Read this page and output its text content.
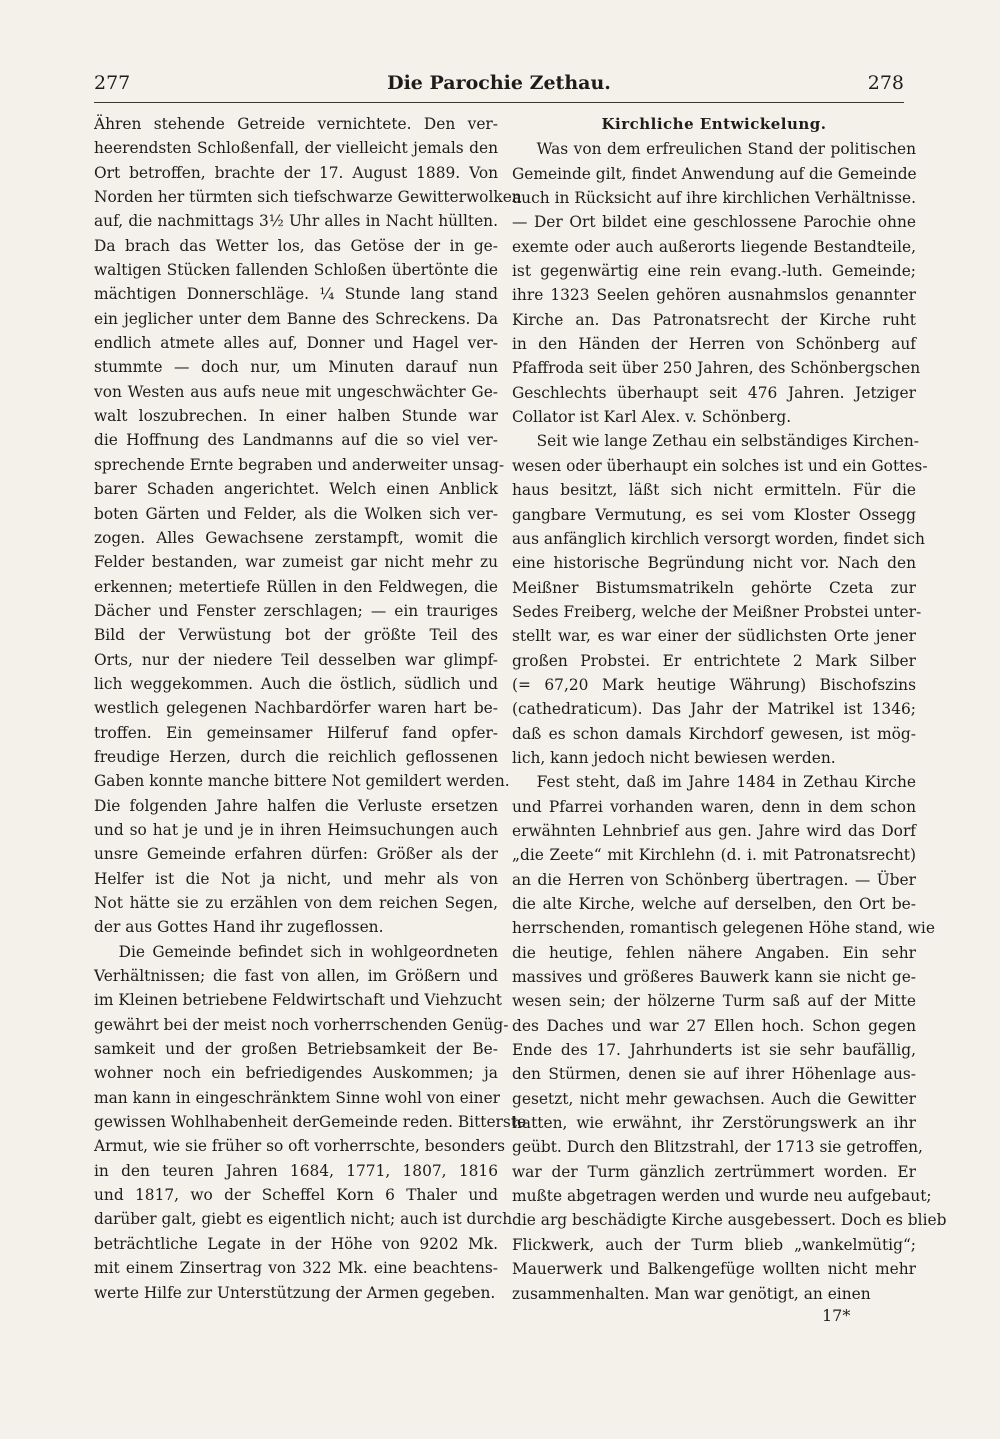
277	Die Parochie Zethau.	278

Ähren stehende Getreide vernichtete. Den ver-
heerendsten Schloßenfall, der vielleicht jemals den
Ort betroffen, brachte der 17. August 1889. Von
Norden her türmten sich tiefschwarze Gewitterwolken
auf, die nachmittags 3½ Uhr alles in Nacht hüllten.
Da brach das Wetter los, das Getöse der in ge-
waltigen Stücken fallenden Schloßen übertönte die
mächtigen Donnerschläge. ¼ Stunde lang stand
ein jeglicher unter dem Banne des Schreckens. Da
endlich atmete alles auf, Donner und Hagel ver-
stummte — doch nur, um Minuten darauf nun
von Westen aus aufs neue mit ungeschwächter Ge-
walt loszubrechen. In einer halben Stunde war
die Hoffnung des Landmanns auf die so viel ver-
sprechende Ernte begraben und anderweiter unsag-
barer Schaden angerichtet. Welch einen Anblick
boten Gärten und Felder, als die Wolken sich ver-
zogen. Alles Gewachsene zerstampft, womit die
Felder bestanden, war zumeist gar nicht mehr zu
erkennen; metertiefe Rüllen in den Feldwegen, die
Dächer und Fenster zerschlagen; — ein trauriges
Bild der Verwüstung bot der größte Teil des
Orts, nur der niedere Teil desselben war glimpf-
lich weggekommen. Auch die östlich, südlich und
westlich gelegenen Nachbardörfer waren hart be-
troffen. Ein gemeinsamer Hilferuf fand opfer-
freudige Herzen, durch die reichlich geflossenen
Gaben konnte manche bittere Not gemildert werden.
Die folgenden Jahre halfen die Verluste ersetzen
und so hat je und je in ihren Heimsuchungen auch
unsre Gemeinde erfahren dürfen: Größer als der
Helfer ist die Not ja nicht, und mehr als von
Not hätte sie zu erzählen von dem reichen Segen,
der aus Gottes Hand ihr zugeflossen.

Die Gemeinde befindet sich in wohlgeordneten
Verhältnissen; die fast von allen, im Größern und
im Kleinen betriebene Feldwirtschaft und Viehzucht
gewährt bei der meist noch vorherrschenden Genüg-
samkeit und der großen Betriebsamkeit der Be-
wohner noch ein befriedigendes Auskommen; ja
man kann in eingeschränktem Sinne wohl von einer
gewissen Wohlhabenheit derGemeinde reden. Bitterste
Armut, wie sie früher so oft vorherrschte, besonders
in den teuren Jahren 1684, 1771, 1807, 1816
und 1817, wo der Scheffel Korn 6 Thaler und
darüber galt, giebt es eigentlich nicht; auch ist durch
beträchtliche Legate in der Höhe von 9202 Mk.
mit einem Zinsertrag von 322 Mk. eine beachtens-
werte Hilfe zur Unterstützung der Armen gegeben.

Kirchliche Entwickelung.

Was von dem erfreulichen Stand der politischen
Gemeinde gilt, findet Anwendung auf die Gemeinde
auch in Rücksicht auf ihre kirchlichen Verhältnisse.
— Der Ort bildet eine geschlossene Parochie ohne
exemte oder auch außerorts liegende Bestandteile,
ist gegenwärtig eine rein evang.-luth. Gemeinde;
ihre 1323 Seelen gehören ausnahmslos genannter
Kirche an. Das Patronatsrecht der Kirche ruht
in den Händen der Herren von Schönberg auf
Pfaffroda seit über 250 Jahren, des Schönbergschen
Geschlechts überhaupt seit 476 Jahren. Jetziger
Collator ist Karl Alex. v. Schönberg.

Seit wie lange Zethau ein selbständiges Kirchen-
wesen oder überhaupt ein solches ist und ein Gottes-
haus besitzt, läßt sich nicht ermitteln. Für die
gangbare Vermutung, es sei vom Kloster Ossegg
aus anfänglich kirchlich versorgt worden, findet sich
eine historische Begründung nicht vor. Nach den
Meißner Bistumsmatrikeln gehörte Czeta zur
Sedes Freiberg, welche der Meißner Probstei unter-
stellt war, es war einer der südlichsten Orte jener
großen Probstei. Er entrichtete 2 Mark Silber
(= 67,20 Mark heutige Währung) Bischofszins
(cathedraticum). Das Jahr der Matrikel ist 1346;
daß es schon damals Kirchdorf gewesen, ist mög-
lich, kann jedoch nicht bewiesen werden.

Fest steht, daß im Jahre 1484 in Zethau Kirche
und Pfarrei vorhanden waren, denn in dem schon
erwähnten Lehnbrief aus gen. Jahre wird das Dorf
„die Zeete“ mit Kirchlehn (d. i. mit Patronatsrecht)
an die Herren von Schönberg übertragen. — Über
die alte Kirche, welche auf derselben, den Ort be-
herrschenden, romantisch gelegenen Höhe stand, wie
die heutige, fehlen nähere Angaben. Ein sehr
massives und größeres Bauwerk kann sie nicht ge-
wesen sein; der hölzerne Turm saß auf der Mitte
des Daches und war 27 Ellen hoch. Schon gegen
Ende des 17. Jahrhunderts ist sie sehr baufällig,
den Stürmen, denen sie auf ihrer Höhenlage aus-
gesetzt, nicht mehr gewachsen. Auch die Gewitter
hatten, wie erwähnt, ihr Zerstörungswerk an ihr
geübt. Durch den Blitzstrahl, der 1713 sie getroffen,
war der Turm gänzlich zertrümmert worden. Er
mußte abgetragen werden und wurde neu aufgebaut;
die arg beschädigte Kirche ausgebessert. Doch es blieb
Flickwerk, auch der Turm blieb „wankelmütig“;
Mauerwerk und Balkengefüge wollten nicht mehr
zusammenhalten. Man war genötigt, an einen

17*
